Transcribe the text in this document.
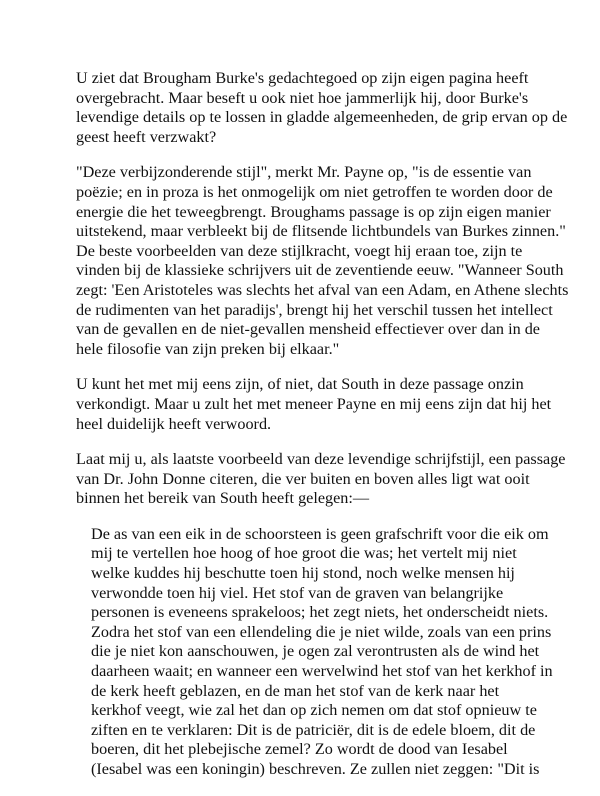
U ziet dat Brougham Burke's gedachtegoed op zijn eigen pagina heeft
overgebracht. Maar beseft u ook niet hoe jammerlijk hij, door Burke's
levendige details op te lossen in gladde algemeenheden, de grip ervan op de
geest heeft verzwakt?

"Deze verbijzonderende stijl", merkt Mr. Payne op, "is de essentie van
poëzie; en in proza is het onmogelijk om niet getroffen te worden door de
energie die het teweegbrengt. Broughams passage is op zijn eigen manier
uitstekend, maar verbleekt bij de flitsende lichtbundels van Burkes zinnen."
De beste voorbeelden van deze stijlkracht, voegt hij eraan toe, zijn te
vinden bij de klassieke schrijvers uit de zeventiende eeuw. "Wanneer South
zegt: 'Een Aristoteles was slechts het afval van een Adam, en Athene slechts
de rudimenten van het paradijs', brengt hij het verschil tussen het intellect
van de gevallen en de niet-gevallen mensheid effectiever over dan in de
hele filosofie van zijn preken bij elkaar."

U kunt het met mij eens zijn, of niet, dat South in deze passage onzin
verkondigt. Maar u zult het met meneer Payne en mij eens zijn dat hij het
heel duidelijk heeft verwoord.

Laat mij u, als laatste voorbeeld van deze levendige schrijfstijl, een passage
van Dr. John Donne citeren, die ver buiten en boven alles ligt wat ooit
binnen het bereik van South heeft gelegen:—

De as van een eik in de schoorsteen is geen grafschrift voor die eik om
mij te vertellen hoe hoog of hoe groot die was; het vertelt mij niet
welke kuddes hij beschutte toen hij stond, noch welke mensen hij
verwondde toen hij viel. Het stof van de graven van belangrijke
personen is eveneens sprakeloos; het zegt niets, het onderscheidt niets.
Zodra het stof van een ellendeling die je niet wilde, zoals van een prins
die je niet kon aanschouwen, je ogen zal verontrusten als de wind het
daarheen waait; en wanneer een wervelwind het stof van het kerkhof in
de kerk heeft geblazen, en de man het stof van de kerk naar het
kerkhof veegt, wie zal het dan op zich nemen om dat stof opnieuw te
ziften en te verklaren: Dit is de patriciër, dit is de edele bloem, dit de
boeren, dit het plebejische zemel? Zo wordt de dood van Iesabel
(Iesabel was een koningin) beschreven. Ze zullen niet zeggen: "Dit is
